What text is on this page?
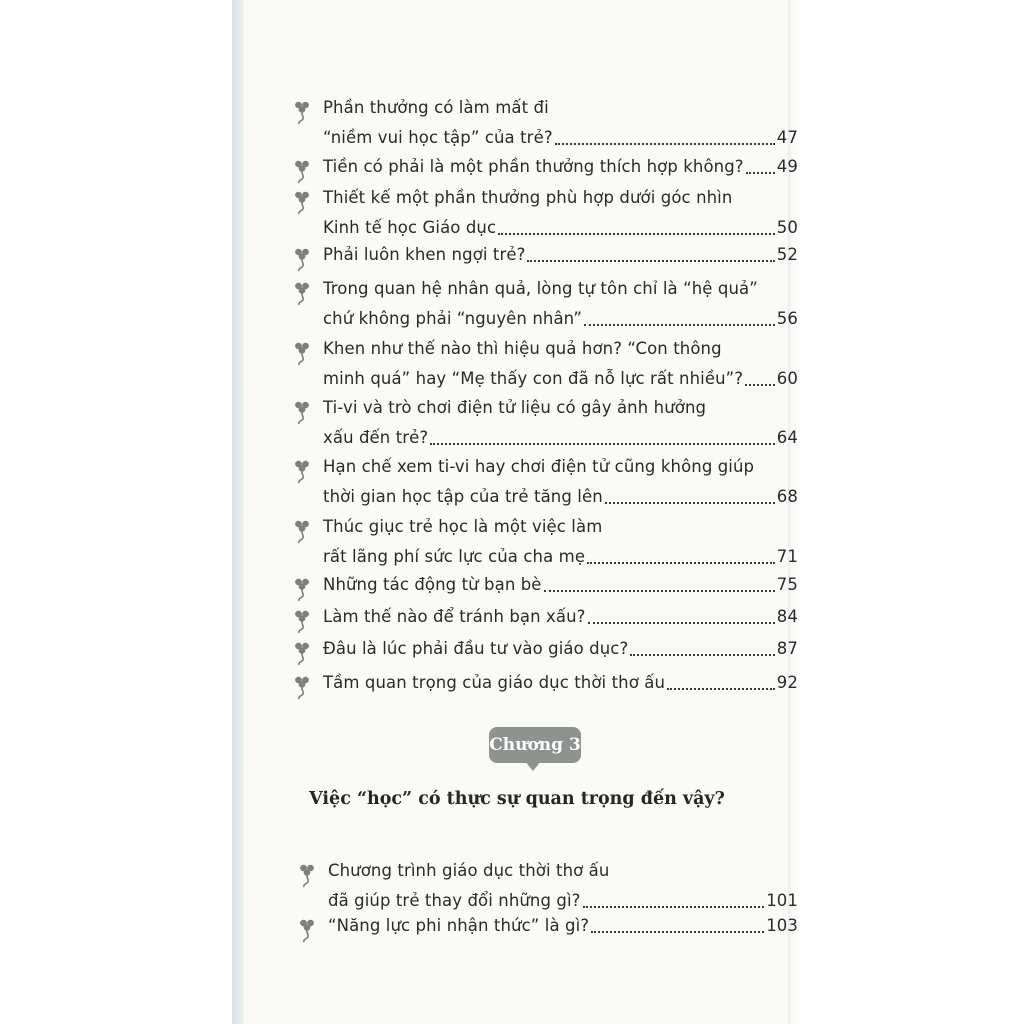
Phần thưởng có làm mất đi
“niềm vui học tập” của trẻ?	47
Tiền có phải là một phần thưởng thích hợp không? 49
Thiết kế một phần thưởng phù hợp dưới góc nhìn
Kinh tế học Giáo dục	50
Phải luôn khen ngợi trẻ?	52
Trong quan hệ nhân quả, lòng tự tôn chỉ là “hệ quả”
chứ không phải “nguyên nhân”	56
Khen như thế nào thì hiệu quả hơn? “Con thông
minh quá” hay “Mẹ thấy con đã nỗ lực rất nhiều”? 60
Ti-vi và trò chơi điện tử liệu có gây ảnh hưởng
xấu đến trẻ?	64
Hạn chế xem ti-vi hay chơi điện tử cũng không giúp
thời gian học tập của trẻ tăng lên	68
Thúc giục trẻ học là một việc làm
rất lãng phí sức lực của cha mẹ	71
Những tác động từ bạn bè	75
Làm thế nào để tránh bạn xấu?	84
Đâu là lúc phải đầu tư vào giáo dục?	87
Tầm quan trọng của giáo dục thời thơ ấu	92
Chương 3
Việc “học” có thực sự quan trọng đến vậy?
Chương trình giáo dục thời thơ ấu
đã giúp trẻ thay đổi những gì?	101
“Năng lực phi nhận thức” là gì?	103
